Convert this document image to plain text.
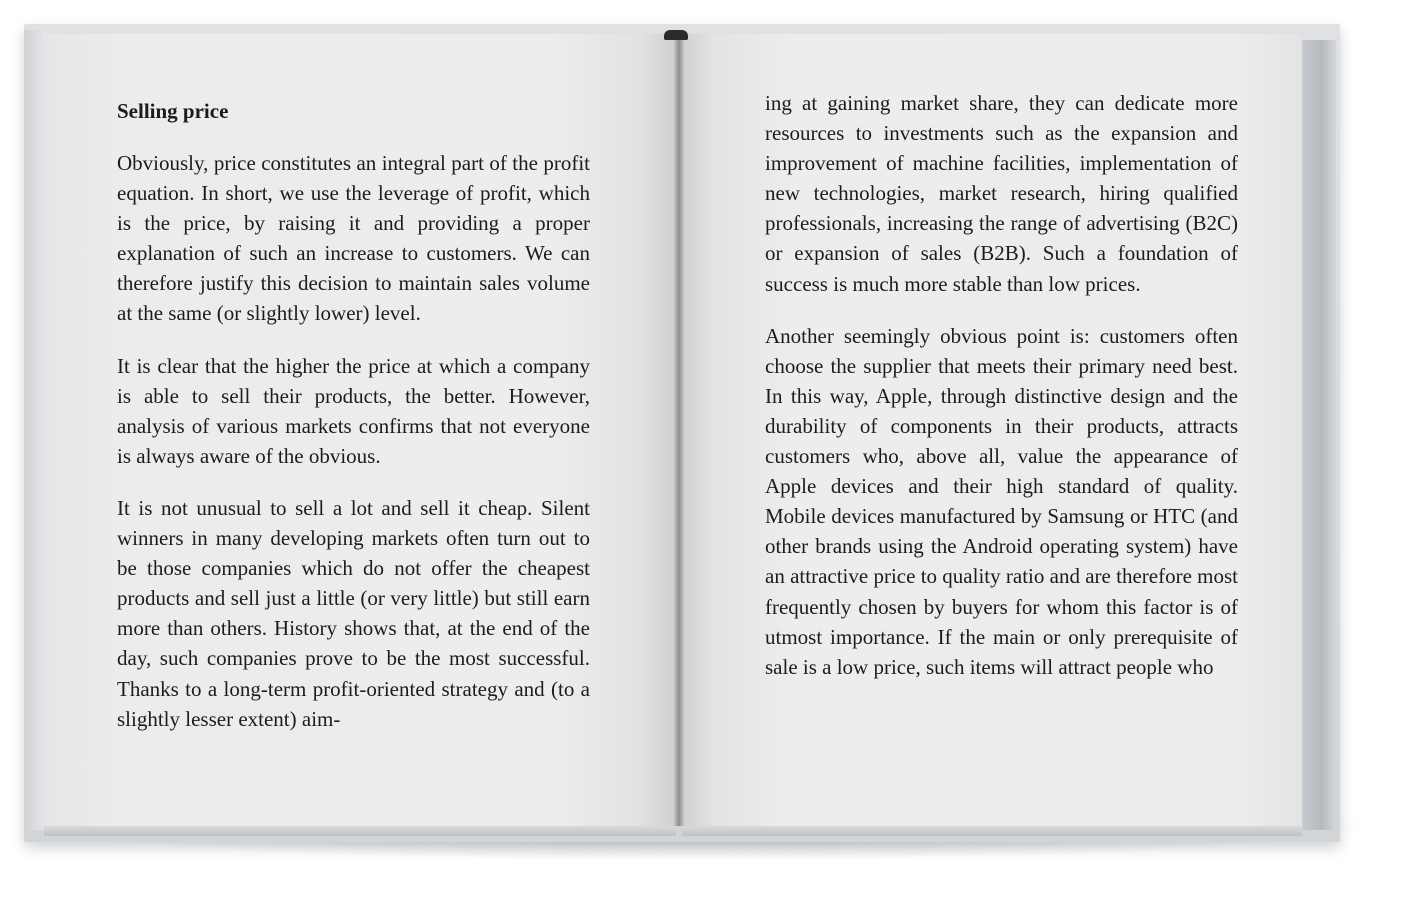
Selling price
Obviously, price constitutes an integral part of the profit equation. In short, we use the leverage of profit, which is the price, by raising it and providing a proper explanation of such an increase to customers. We can therefore justify this decision to maintain sales volume at the same (or slightly lower) level.
It is clear that the higher the price at which a company is able to sell their products, the better. However, analysis of various markets confirms that not everyone is always aware of the obvious.
It is not unusual to sell a lot and sell it cheap. Silent winners in many developing markets often turn out to be those companies which do not offer the cheapest products and sell just a little (or very little) but still earn more than others. History shows that, at the end of the day, such companies prove to be the most successful. Thanks to a long-term profit-oriented strategy and (to a slightly lesser extent) aim-
ing at gaining market share, they can dedicate more resources to investments such as the expansion and improvement of machine facilities, implementation of new technologies, market research, hiring qualified professionals, increasing the range of advertising (B2C) or expansion of sales (B2B). Such a foundation of success is much more stable than low prices.
Another seemingly obvious point is: customers often choose the supplier that meets their primary need best. In this way, Apple, through distinctive design and the durability of components in their products, attracts customers who, above all, value the appearance of Apple devices and their high standard of quality. Mobile devices manufactured by Samsung or HTC (and other brands using the Android operating system) have an attractive price to quality ratio and are therefore most frequently chosen by buyers for whom this factor is of utmost importance. If the main or only prerequisite of sale is a low price, such items will attract people who
